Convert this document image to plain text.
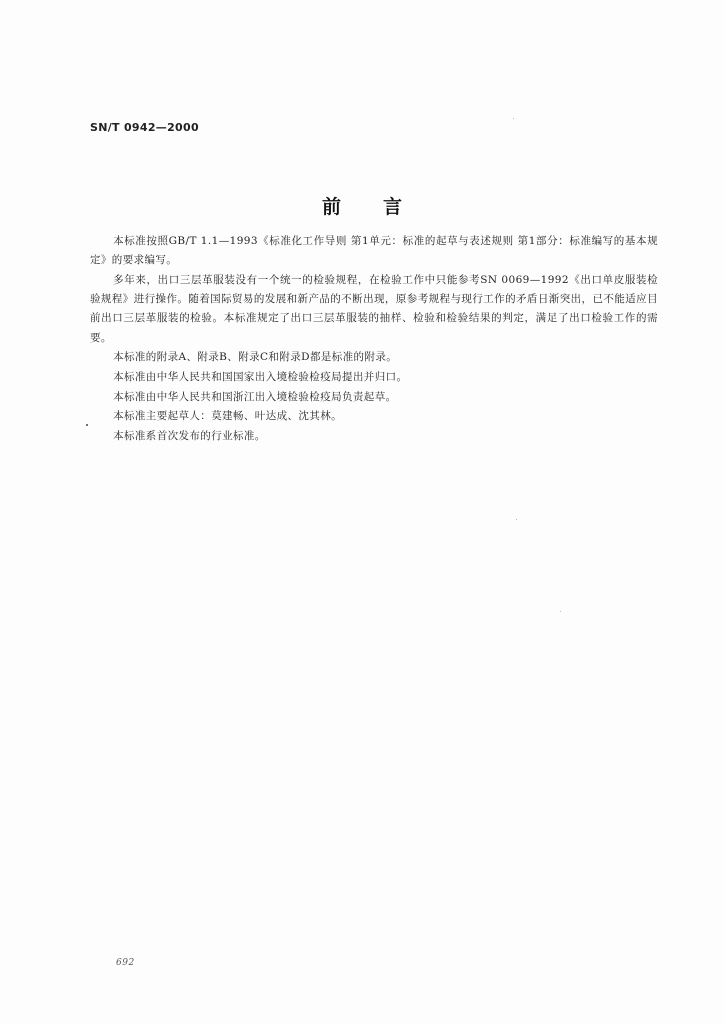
SN/T 0942—2000
前言

本标准按照GB/T 1.1—1993《标准化工作导则 第1单元：标准的起草与表述规则 第1部分：标准编写的基本规定》的要求编写。

多年来，出口三层革服装没有一个统一的检验规程，在检验工作中只能参考SN 0069—1992《出口单皮服装检验规程》进行操作。随着国际贸易的发展和新产品的不断出现，原参考规程与现行工作的矛盾日渐突出，已不能适应目前出口三层革服装的检验。本标准规定了出口三层革服装的抽样、检验和检验结果的判定，满足了出口检验工作的需要。

本标准的附录A、附录B、附录C和附录D都是标准的附录。

本标准由中华人民共和国国家出入境检验检疫局提出并归口。

本标准由中华人民共和国浙江出入境检验检疫局负责起草。

本标准主要起草人：莫建畅、叶达成、沈其林。

本标准系首次发布的行业标准。

692
